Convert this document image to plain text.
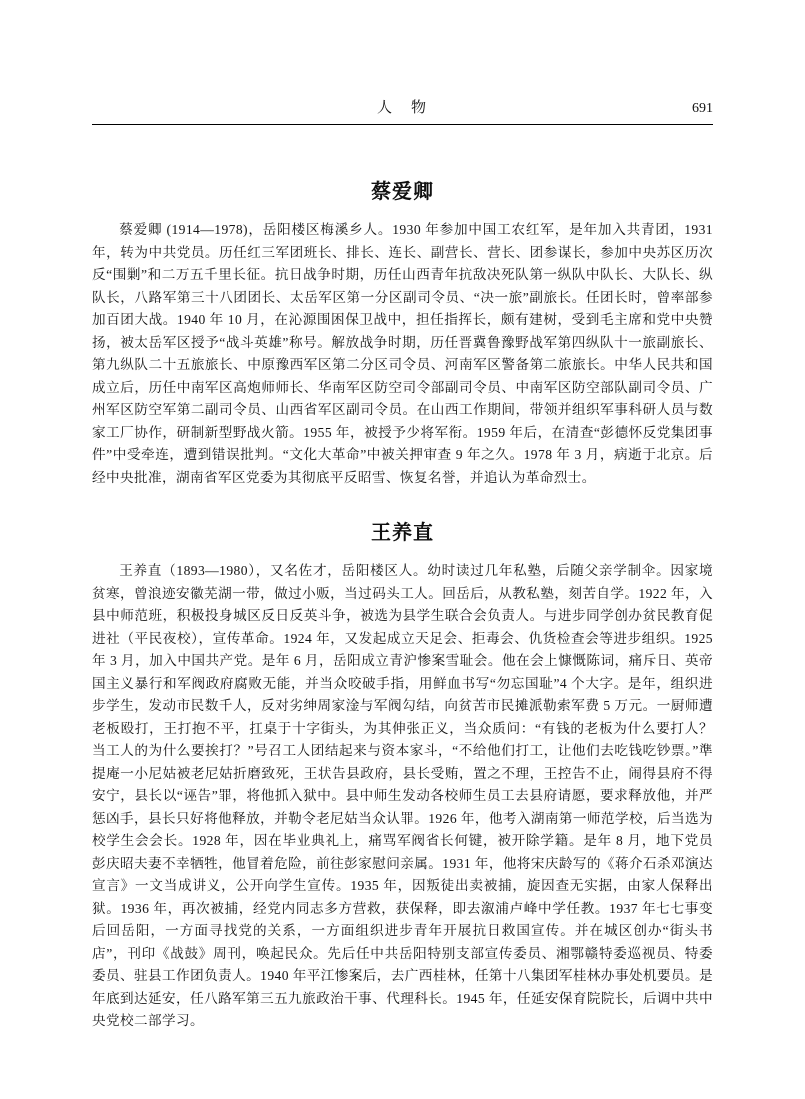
人　物	691
蔡爱卿

蔡爱卿 (1914—1978)，岳阳楼区梅溪乡人。1930 年参加中国工农红军，是年加入共青团，1931 年，转为中共党员。历任红三军团班长、排长、连长、副营长、营长、团参谋长，参加中央苏区历次反“围剿”和二万五千里长征。抗日战争时期，历任山西青年抗敌决死队第一纵队中队长、大队长、纵队长，八路军第三十八团团长、太岳军区第一分区副司令员、“决一旅”副旅长。任团长时，曾率部参加百团大战。1940 年 10 月，在沁源围困保卫战中，担任指挥长，颇有建树，受到毛主席和党中央赞扬，被太岳军区授予“战斗英雄”称号。解放战争时期，历任晋冀鲁豫野战军第四纵队十一旅副旅长、第九纵队二十五旅旅长、中原豫西军区第二分区司令员、河南军区警备第二旅旅长。中华人民共和国成立后，历任中南军区高炮师师长、华南军区防空司令部副司令员、中南军区防空部队副司令员、广州军区防空军第二副司令员、山西省军区副司令员。在山西工作期间，带领并组织军事科研人员与数家工厂协作，研制新型野战火箭。1955 年，被授予少将军衔。1959 年后，在清查“彭德怀反党集团事件”中受牵连，遭到错误批判。“文化大革命”中被关押审查 9 年之久。1978 年 3 月，病逝于北京。后经中央批准，湖南省军区党委为其彻底平反昭雪、恢复名誉，并追认为革命烈士。

王养直

王养直（1893—1980），又名佐才，岳阳楼区人。幼时读过几年私塾，后随父亲学制伞。因家境贫寒，曾浪迹安徽芜湖一带，做过小贩，当过码头工人。回岳后，从教私塾，刻苦自学。1922 年，入县中师范班，积极投身城区反日反英斗争，被选为县学生联合会负责人。与进步同学创办贫民教育促进社（平民夜校），宣传革命。1924 年，又发起成立天足会、拒毒会、仇货检查会等进步组织。1925 年 3 月，加入中国共产党。是年 6 月，岳阳成立青沪惨案雪耻会。他在会上慷慨陈词，痛斥日、英帝国主义暴行和军阀政府腐败无能，并当众咬破手指，用鲜血书写“勿忘国耻”4 个大字。是年，组织进步学生，发动市民数千人，反对劣绅周家淦与军阀勾结，向贫苦市民摊派勒索军费 5 万元。一厨师遭老板殴打，王打抱不平，扛桌于十字街头，为其伸张正义，当众质问：“有钱的老板为什么要打人？当工人的为什么要挨打？”号召工人团结起来与资本家斗，“不给他们打工，让他们去吃钱吃钞票。”準提庵一小尼姑被老尼姑折磨致死，王状告县政府，县长受贿，置之不理，王控告不止，闹得县府不得安宁，县长以“诬告”罪，将他抓入狱中。县中师生发动各校师生员工去县府请愿，要求释放他，并严惩凶手，县长只好将他释放，并勒令老尼姑当众认罪。1926 年，他考入湖南第一师范学校，后当选为校学生会会长。1928 年，因在毕业典礼上，痛骂军阀省长何键，被开除学籍。是年 8 月，地下党员彭庆昭夫妻不幸牺牲，他冒着危险，前往彭家慰问亲属。1931 年，他将宋庆龄写的《蒋介石杀邓演达宣言》一文当成讲义，公开向学生宣传。1935 年，因叛徒出卖被捕，旋因查无实据，由家人保释出狱。1936 年，再次被捕，经党内同志多方营救，获保释，即去溆浦卢峰中学任教。1937 年七七事变后回岳阳，一方面寻找党的关系，一方面组织进步青年开展抗日救国宣传。并在城区创办“街头书店”，刊印《战鼓》周刊，唤起民众。先后任中共岳阳特别支部宣传委员、湘鄂赣特委巡视员、特委委员、驻县工作团负责人。1940 年平江惨案后，去广西桂林，任第十八集团军桂林办事处机要员。是年底到达延安，任八路军第三五九旅政治干事、代理科长。1945 年，任延安保育院院长，后调中共中央党校二部学习。
